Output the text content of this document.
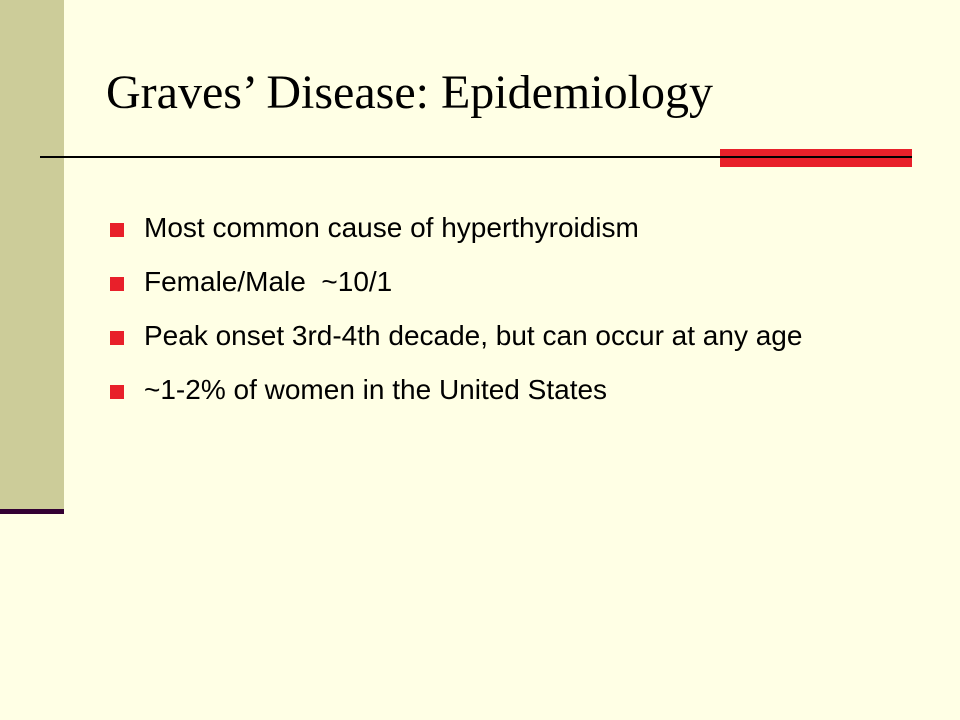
Graves’ Disease: Epidemiology
Most common cause of hyperthyroidism
Female/Male  ~10/1
Peak onset 3rd-4th decade, but can occur at any age
~1-2% of women in the United States
